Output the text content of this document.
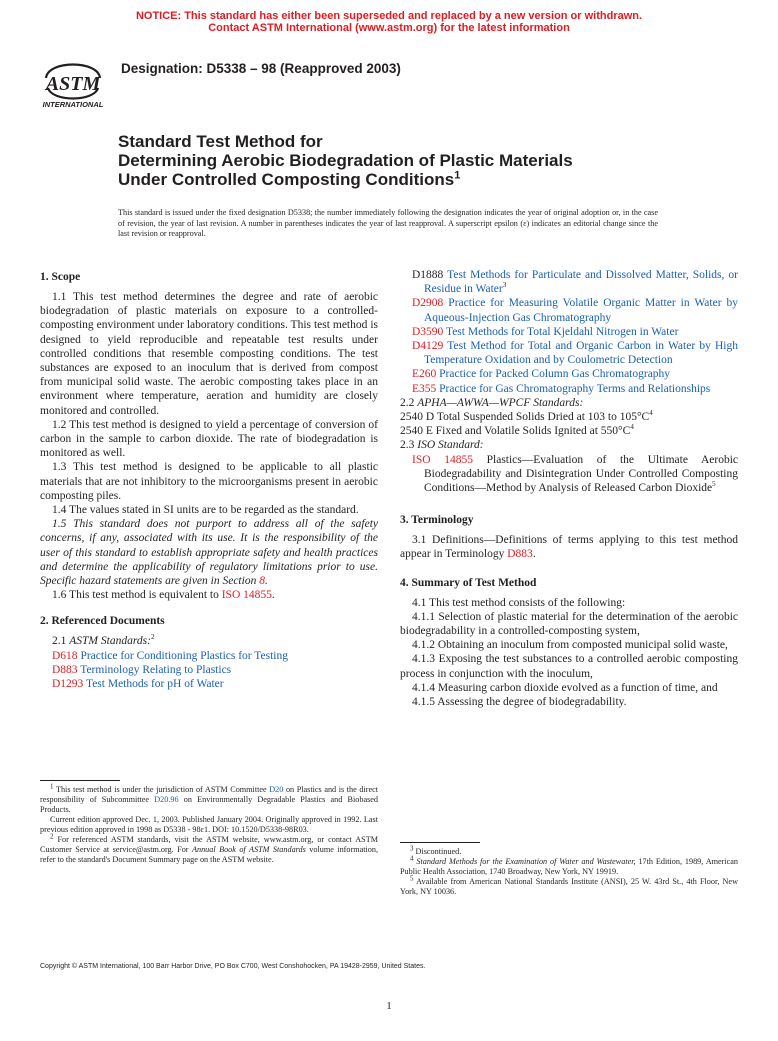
NOTICE: This standard has either been superseded and replaced by a new version or withdrawn.
Contact ASTM International (www.astm.org) for the latest information
ASTM
INTERNATIONAL
Designation: D5338 – 98 (Reapproved 2003)
Standard Test Method for
Determining Aerobic Biodegradation of Plastic Materials
Under Controlled Composting Conditions$^1$
This standard is issued under the fixed designation D5338; the number immediately following the designation indicates the year of original adoption or, in the case of revision, the year of last revision. A number in parentheses indicates the year of last reapproval. A superscript epsilon (ε) indicates an editorial change since the last revision or reapproval.
1. Scope

1.1 This test method determines the degree and rate of aerobic biodegradation of plastic materials on exposure to a controlled-composting environment under laboratory conditions. This test method is designed to yield reproducible and repeatable test results under controlled conditions that resemble composting conditions. The test substances are exposed to an inoculum that is derived from compost from municipal solid waste. The aerobic composting takes place in an environment where temperature, aeration and humidity are closely monitored and controlled.

1.2 This test method is designed to yield a percentage of conversion of carbon in the sample to carbon dioxide. The rate of biodegradation is monitored as well.

1.3 This test method is designed to be applicable to all plastic materials that are not inhibitory to the microorganisms present in aerobic composting piles.

1.4 The values stated in SI units are to be regarded as the standard.

1.5 This standard does not purport to address all of the safety concerns, if any, associated with its use. It is the responsibility of the user of this standard to establish appropriate safety and health practices and determine the applicability of regulatory limitations prior to use. Specific hazard statements are given in Section 8.

1.6 This test method is equivalent to ISO 14855.

2. Referenced Documents

2.1 ASTM Standards:$^2$

D618 Practice for Conditioning Plastics for Testing

D883 Terminology Relating to Plastics

D1293 Test Methods for pH of Water

$^1$ This test method is under the jurisdiction of ASTM Committee D20 on Plastics and is the direct responsibility of Subcommittee D20.96 on Environmentally Degradable Plastics and Biobased Products.

Current edition approved Dec. 1, 2003. Published January 2004. Originally approved in 1992. Last previous edition approved in 1998 as D5338 - 98ε1. DOI: 10.1520/D5338-98R03.

$^2$ For referenced ASTM standards, visit the ASTM website, www.astm.org, or contact ASTM Customer Service at service@astm.org. For Annual Book of ASTM Standards volume information, refer to the standard's Document Summary page on the ASTM website.

D1888 Test Methods for Particulate and Dissolved Matter, Solids, or Residue in Water$^3$

D2908 Practice for Measuring Volatile Organic Matter in Water by Aqueous-Injection Gas Chromatography

D3590 Test Methods for Total Kjeldahl Nitrogen in Water

D4129 Test Method for Total and Organic Carbon in Water by High Temperature Oxidation and by Coulometric Detection

E260 Practice for Packed Column Gas Chromatography

E355 Practice for Gas Chromatography Terms and Relationships

2.2 APHA—AWWA—WPCF Standards:

2540 D Total Suspended Solids Dried at 103 to $105^\circ C^4$

2540 E Fixed and Volatile Solids Ignited at $550^\circ C^4$

2.3 ISO Standard:

ISO 14855 Plastics—Evaluation of the Ultimate Aerobic Biodegradability and Disintegration Under Controlled Composting Conditions—Method by Analysis of Released Carbon Dioxide$^5$

3. Terminology

3.1 Definitions—Definitions of terms applying to this test method appear in Terminology D883.

4. Summary of Test Method

4.1 This test method consists of the following:

4.1.1 Selection of plastic material for the determination of the aerobic biodegradability in a controlled-composting system,

4.1.2 Obtaining an inoculum from composted municipal solid waste,

4.1.3 Exposing the test substances to a controlled aerobic composting process in conjunction with the inoculum,

4.1.4 Measuring carbon dioxide evolved as a function of time, and

4.1.5 Assessing the degree of biodegradability.

$^3$ Discontinued.

$^4$ Standard Methods for the Examination of Water and Wastewater, 17th Edition, 1989, American Public Health Association, 1740 Broadway, New York, NY 19919.

$^5$ Available from American National Standards Institute (ANSI), 25 W. 43rd St., 4th Floor, New York, NY 10036.

Copyright © ASTM International, 100 Barr Harbor Drive, PO Box C700, West Conshohocken, PA 19428-2959, United States.
1
